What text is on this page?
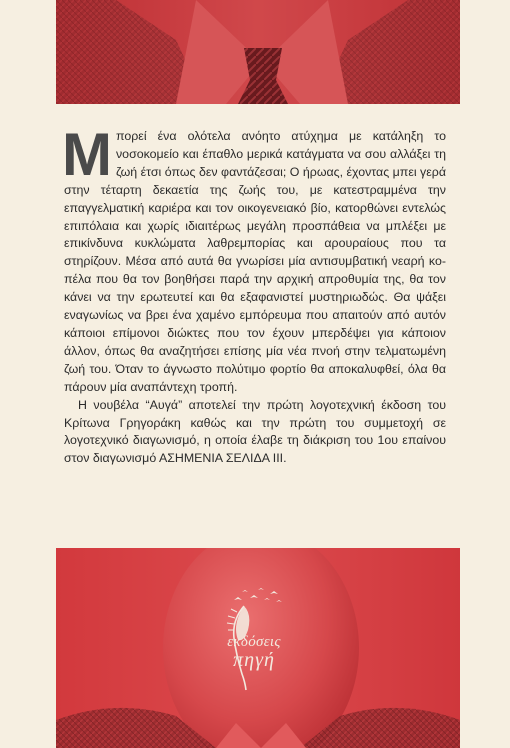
Μπορεί ένα ολότελα ανόητο ατύχημα με κατάληξη το νοσοκομείο και έπαθλο μερικά κατάγματα να σου αλλάξει τη ζωή έτσι όπως δεν φαντάζεσαι; Ο ήρωας, έχοντας μπει γερά στην τέταρτη δεκαετία της ζωής του, με κατεστραμμένα την επαγγελματική καριέρα και τον οικογενειακό βίο, κατορθώνει εντελώς επιπόλαια και χωρίς ιδιαιτέρως μεγάλη προσπάθεια να μπλέξει με επικίνδυνα κυκλώματα λαθρεμπορίας και αρουραίους που τα στηρίζουν. Μέσα από αυτά θα γνωρίσει μία αντισυμβατική νεαρή κοπέλα που θα τον βοηθήσει παρά την αρχική απροθυμία της, θα τον κάνει να την ερωτευτεί και θα εξαφανιστεί μυστηριωδώς. Θα ψάξει εναγωνίως να βρει ένα χαμένο εμπόρευμα που απαιτούν από αυτόν κάποιοι επίμονοι διώκτες που τον έχουν μπερδέψει για κάποιον άλλον, όπως θα αναζητήσει επίσης μία νέα πνοή στην τελματωμένη ζωή του. Όταν το άγνωστο πολύτιμο φορτίο θα αποκαλυφθεί, όλα θα πάρουν μία αναπάντεχη τροπή.

Η νουβέλα “Αυγά” αποτελεί την πρώτη λογοτεχνική έκδοση του Κρίτωνα Γρηγοράκη καθώς και την πρώτη του συμμετοχή σε λογοτεχνικό διαγωνισμό, η οποία έλαβε τη διάκριση του 1ου επαίνου στον διαγωνισμό ΑΣΗΜΕΝΙΑ ΣΕΛΙΔΑ ΙΙΙ.

εκδόσεις
πηγή
